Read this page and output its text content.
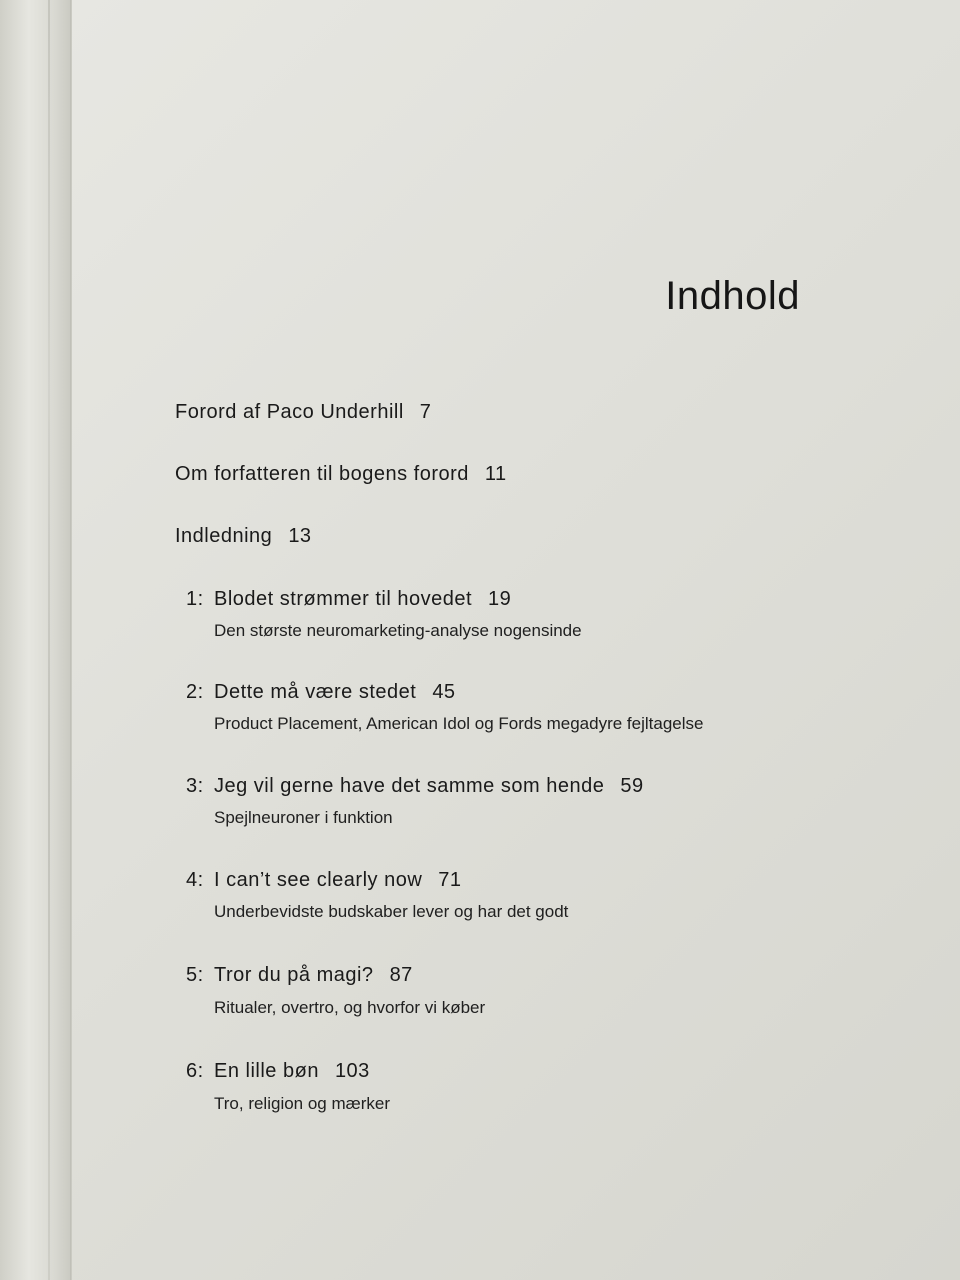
Indhold
Forord af Paco Underhill 7
Om forfatteren til bogens forord 11
Indledning 13
1: Blodet strømmer til hovedet 19
Den største neuromarketing-analyse nogensinde
2: Dette må være stedet 45
Product Placement, American Idol og Fords megadyre fejltagelse
3: Jeg vil gerne have det samme som hende 59
Spejlneuroner i funktion
4: I can’t see clearly now 71
Underbevidste budskaber lever og har det godt
5: Tror du på magi? 87
Ritualer, overtro, og hvorfor vi køber
6: En lille bøn 103
Tro, religion og mærker
